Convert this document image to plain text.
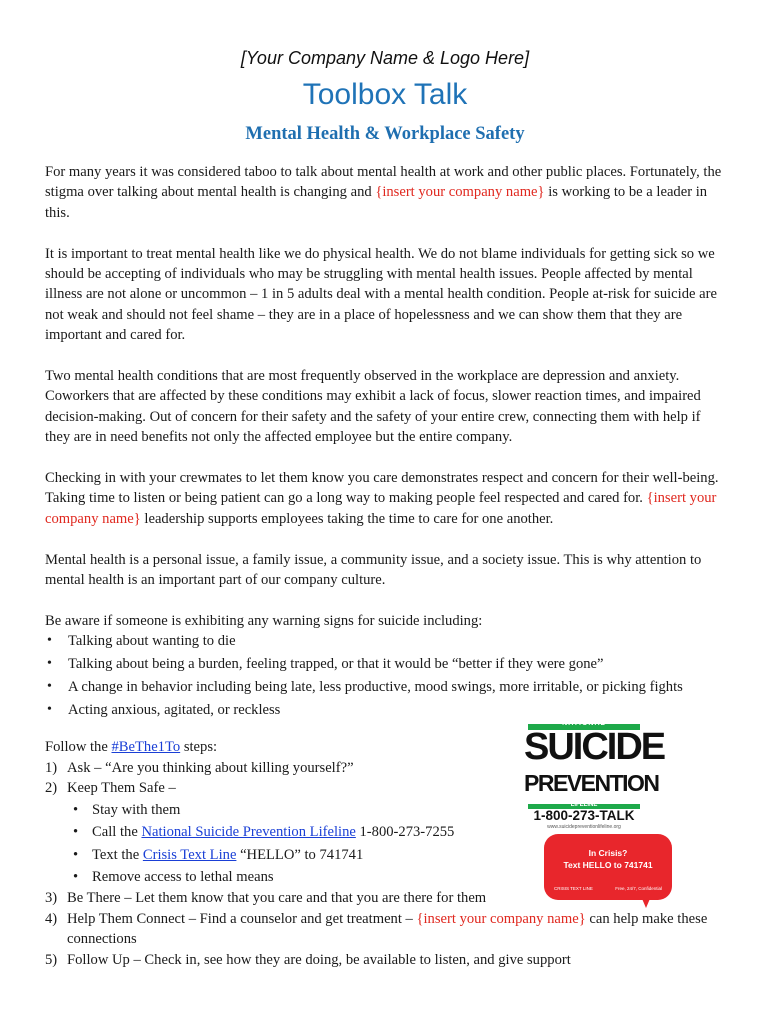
[Your Company Name & Logo Here]
Toolbox Talk
Mental Health & Workplace Safety

For many years it was considered taboo to talk about mental health at work and other public places. Fortunately, the stigma over talking about mental health is changing and {insert your company name} is working to be a leader in this.

It is important to treat mental health like we do physical health. We do not blame individuals for getting sick so we should be accepting of individuals who may be struggling with mental health issues. People affected by mental illness are not alone or uncommon – 1 in 5 adults deal with a mental health condition. People at-risk for suicide are not weak and should not feel shame – they are in a place of hopelessness and we can show them that they are important and cared for.

Two mental health conditions that are most frequently observed in the workplace are depression and anxiety. Coworkers that are affected by these conditions may exhibit a lack of focus, slower reaction times, and impaired decision-making. Out of concern for their safety and the safety of your entire crew, connecting them with help if they are in need benefits not only the affected employee but the entire company.

Checking in with your crewmates to let them know you care demonstrates respect and concern for their well-being. Taking time to listen or being patient can go a long way to making people feel respected and cared for. {insert your company name} leadership supports employees taking the time to care for one another.

Mental health is a personal issue, a family issue, a community issue, and a society issue. This is why attention to mental health is an important part of our company culture.

Be aware if someone is exhibiting any warning signs for suicide including:
• Talking about wanting to die
• Talking about being a burden, feeling trapped, or that it would be “better if they were gone”
• A change in behavior including being late, less productive, mood swings, more irritable, or picking fights
• Acting anxious, agitated, or reckless
Follow the #BeThe1To steps:
1) Ask – “Are you thinking about killing yourself?”
2) Keep Them Safe –
• Stay with them
• Call the National Suicide Prevention Lifeline 1-800-273-7255
• Text the Crisis Text Line “HELLO” to 741741
• Remove access to lethal means
3) Be There – Let them know that you care and that you are there for them
4) Help Them Connect – Find a counselor and get treatment – {insert your company name} can help make these connections
5) Follow Up – Check in, see how they are doing, be available to listen, and give support
NATIONAL
SUICIDE
PREVENTION
LIFELINE
1-800-273-TALK
www.suicidepreventionlifeline.org
In Crisis?
Text HELLO to 741741
CRISIS TEXT LINE	Free, 24/7, Confidential
